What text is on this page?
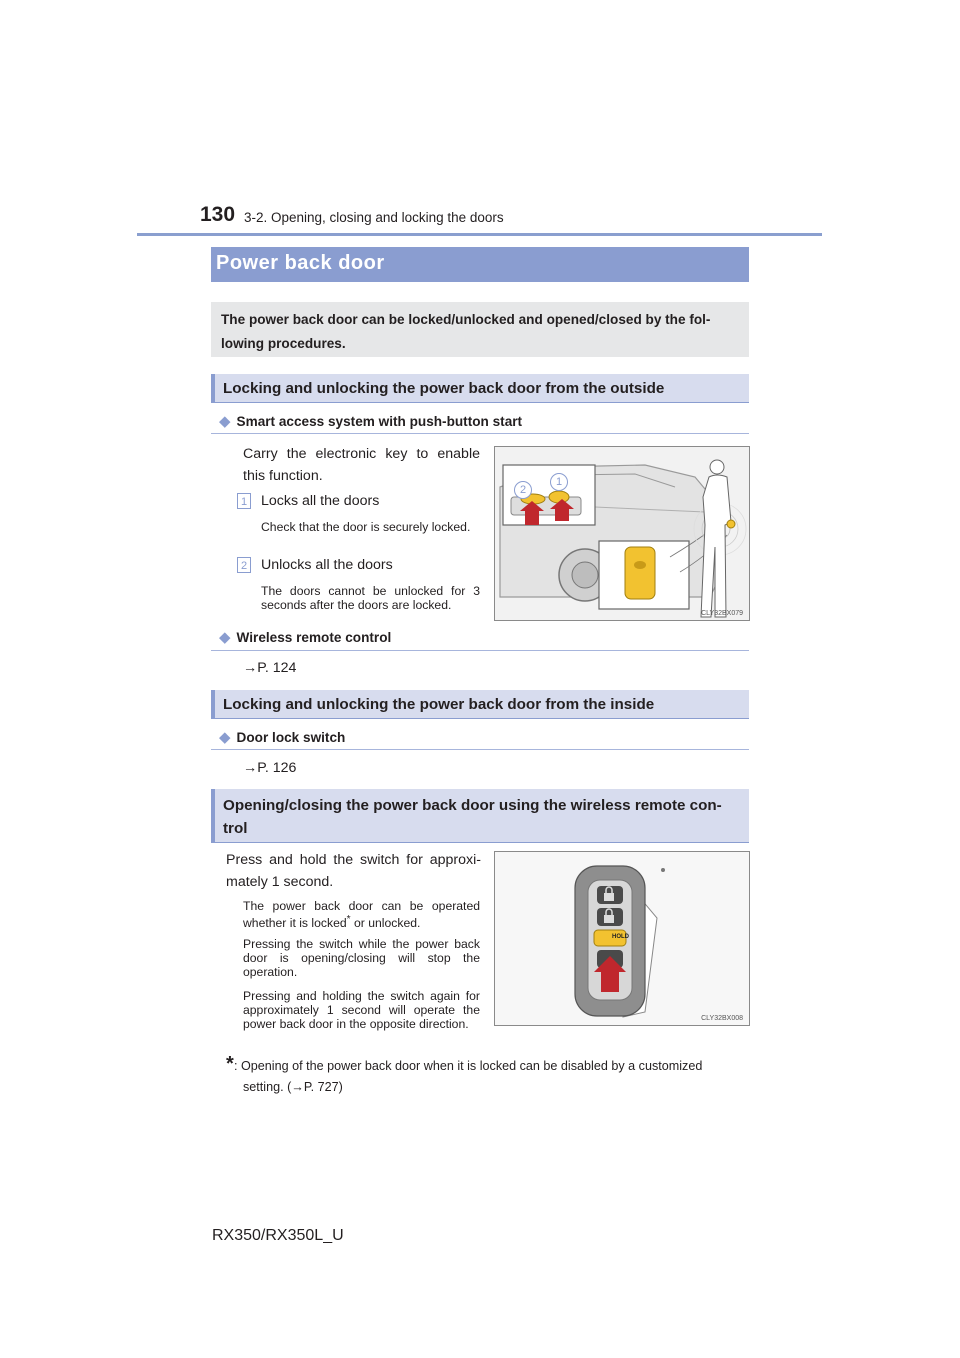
130 3-2. Opening, closing and locking the doors
Power back door
The power back door can be locked/unlocked and opened/closed by the fol-lowing procedures.
Locking and unlocking the power back door from the outside
◆ Smart access system with push-button start
Carry the electronic key to enable this function.
1 Locks all the doors
Check that the door is securely locked.
2 Unlocks all the doors
The doors cannot be unlocked for 3 seconds after the doors are locked.
2
1
CLY32BX079
◆ Wireless remote control
→P. 124
Locking and unlocking the power back door from the inside
◆ Door lock switch
→P. 126
Opening/closing the power back door using the wireless remote con-trol
Press and hold the switch for approxi-mately 1 second.
The power back door can be operated whether it is locked* or unlocked.
Pressing the switch while the power back door is opening/closing will stop the operation.
Pressing and holding the switch again for approximately 1 second will operate the power back door in the opposite direction.
HOLD
CLY32BX008
* : Opening of the power back door when it is locked can be disabled by a customized
setting. (→P. 727)
RX350/RX350L_U
